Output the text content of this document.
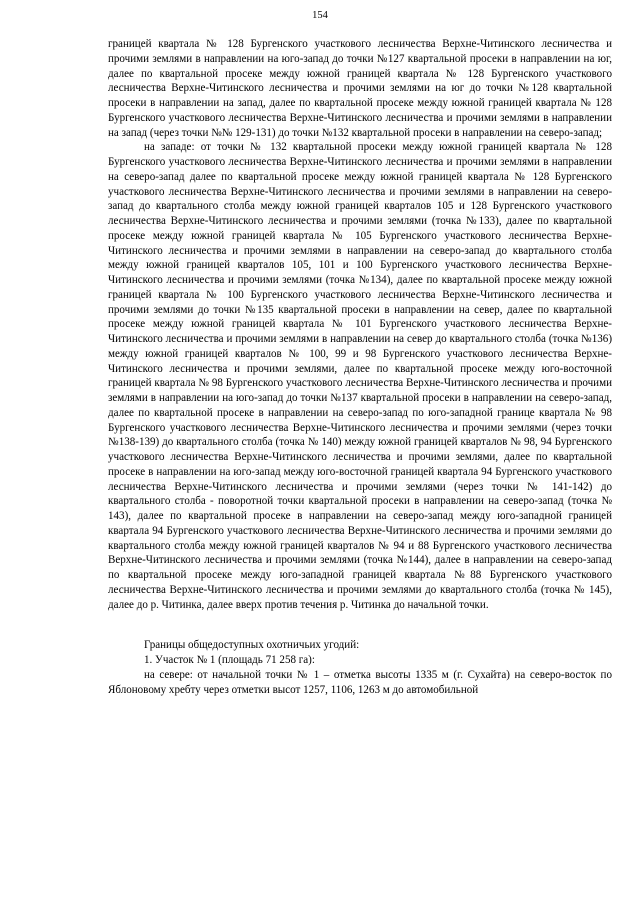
154

границей квартала № 128 Бургенского участкового лесничества Верхне-Читинского лесничества и прочими землями в направлении на юго-запад до точки №127 квартальной просеки в направлении на юг, далее по квартальной просеке между южной границей квартала № 128 Бургенского участкового лесничества Верхне-Читинского лесничества и прочими землями на юг до точки №128 квартальной просеки в направлении на запад, далее по квартальной просеке между южной границей квартала № 128 Бургенского участкового лесничества Верхне-Читинского лесничества и прочими землями в направлении на запад (через точки №№ 129-131) до точки №132 квартальной просеки в направлении на северо-запад;

на западе: от точки № 132 квартальной просеки между южной границей квартала № 128 Бургенского участкового лесничества Верхне-Читинского лесничества и прочими землями в направлении на северо-запад далее по квартальной просеке между южной границей квартала № 128 Бургенского участкового лесничества Верхне-Читинского лесничества и прочими землями в направлении на северо-запад до квартального столба между южной границей кварталов 105 и 128 Бургенского участкового лесничества Верхне-Читинского лесничества и прочими землями (точка №133), далее по квартальной просеке между южной границей квартала № 105 Бургенского участкового лесничества Верхне-Читинского лесничества и прочими землями в направлении на северо-запад до квартального столба между южной границей кварталов 105, 101 и 100 Бургенского участкового лесничества Верхне-Читинского лесничества и прочими землями (точка №134), далее по квартальной просеке между южной границей квартала № 100 Бургенского участкового лесничества Верхне-Читинского лесничества и прочими землями до точки №135 квартальной просеки в направлении на север, далее по квартальной просеке между южной границей квартала № 101 Бургенского участкового лесничества Верхне-Читинского лесничества и прочими землями в направлении на север до квартального столба (точка №136) между южной границей кварталов № 100, 99 и 98 Бургенского участкового лесничества Верхне-Читинского лесничества и прочими землями, далее по квартальной просеке между юго-восточной границей квартала № 98 Бургенского участкового лесничества Верхне-Читинского лесничества и прочими землями в направлении на юго-запад до точки №137 квартальной просеки в направлении на северо-запад, далее по квартальной просеке в направлении на северо-запад по юго-западной границе квартала № 98 Бургенского участкового лесничества Верхне-Читинского лесничества и прочими землями (через точки №138-139) до квартального столба (точка № 140) между южной границей кварталов № 98, 94 Бургенского участкового лесничества Верхне-Читинского лесничества и прочими землями, далее по квартальной просеке в направлении на юго-запад между юго-восточной границей квартала 94 Бургенского участкового лесничества Верхне-Читинского лесничества и прочими землями (через точки № 141-142) до квартального столба - поворотной точки квартальной просеки в направлении на северо-запад (точка № 143), далее по квартальной просеке в направлении на северо-запад между юго-западной границей квартала 94 Бургенского участкового лесничества Верхне-Читинского лесничества и прочими землями до квартального столба между южной границей кварталов № 94 и 88 Бургенского участкового лесничества Верхне-Читинского лесничества и прочими землями (точка №144), далее в направлении на северо-запад по квартальной просеке между юго-западной границей квартала №88 Бургенского участкового лесничества Верхне-Читинского лесничества и прочими землями до квартального столба (точка № 145), далее до р. Читинка, далее вверх против течения р. Читинка до начальной точки.

Границы общедоступных охотничьих угодий:

1. Участок № 1 (площадь 71 258 га):

на севере: от начальной точки № 1 – отметка высоты 1335 м (г. Сухайта) на северо-восток по Яблоновому хребту через отметки высот 1257, 1106, 1263 м до автомобильной
